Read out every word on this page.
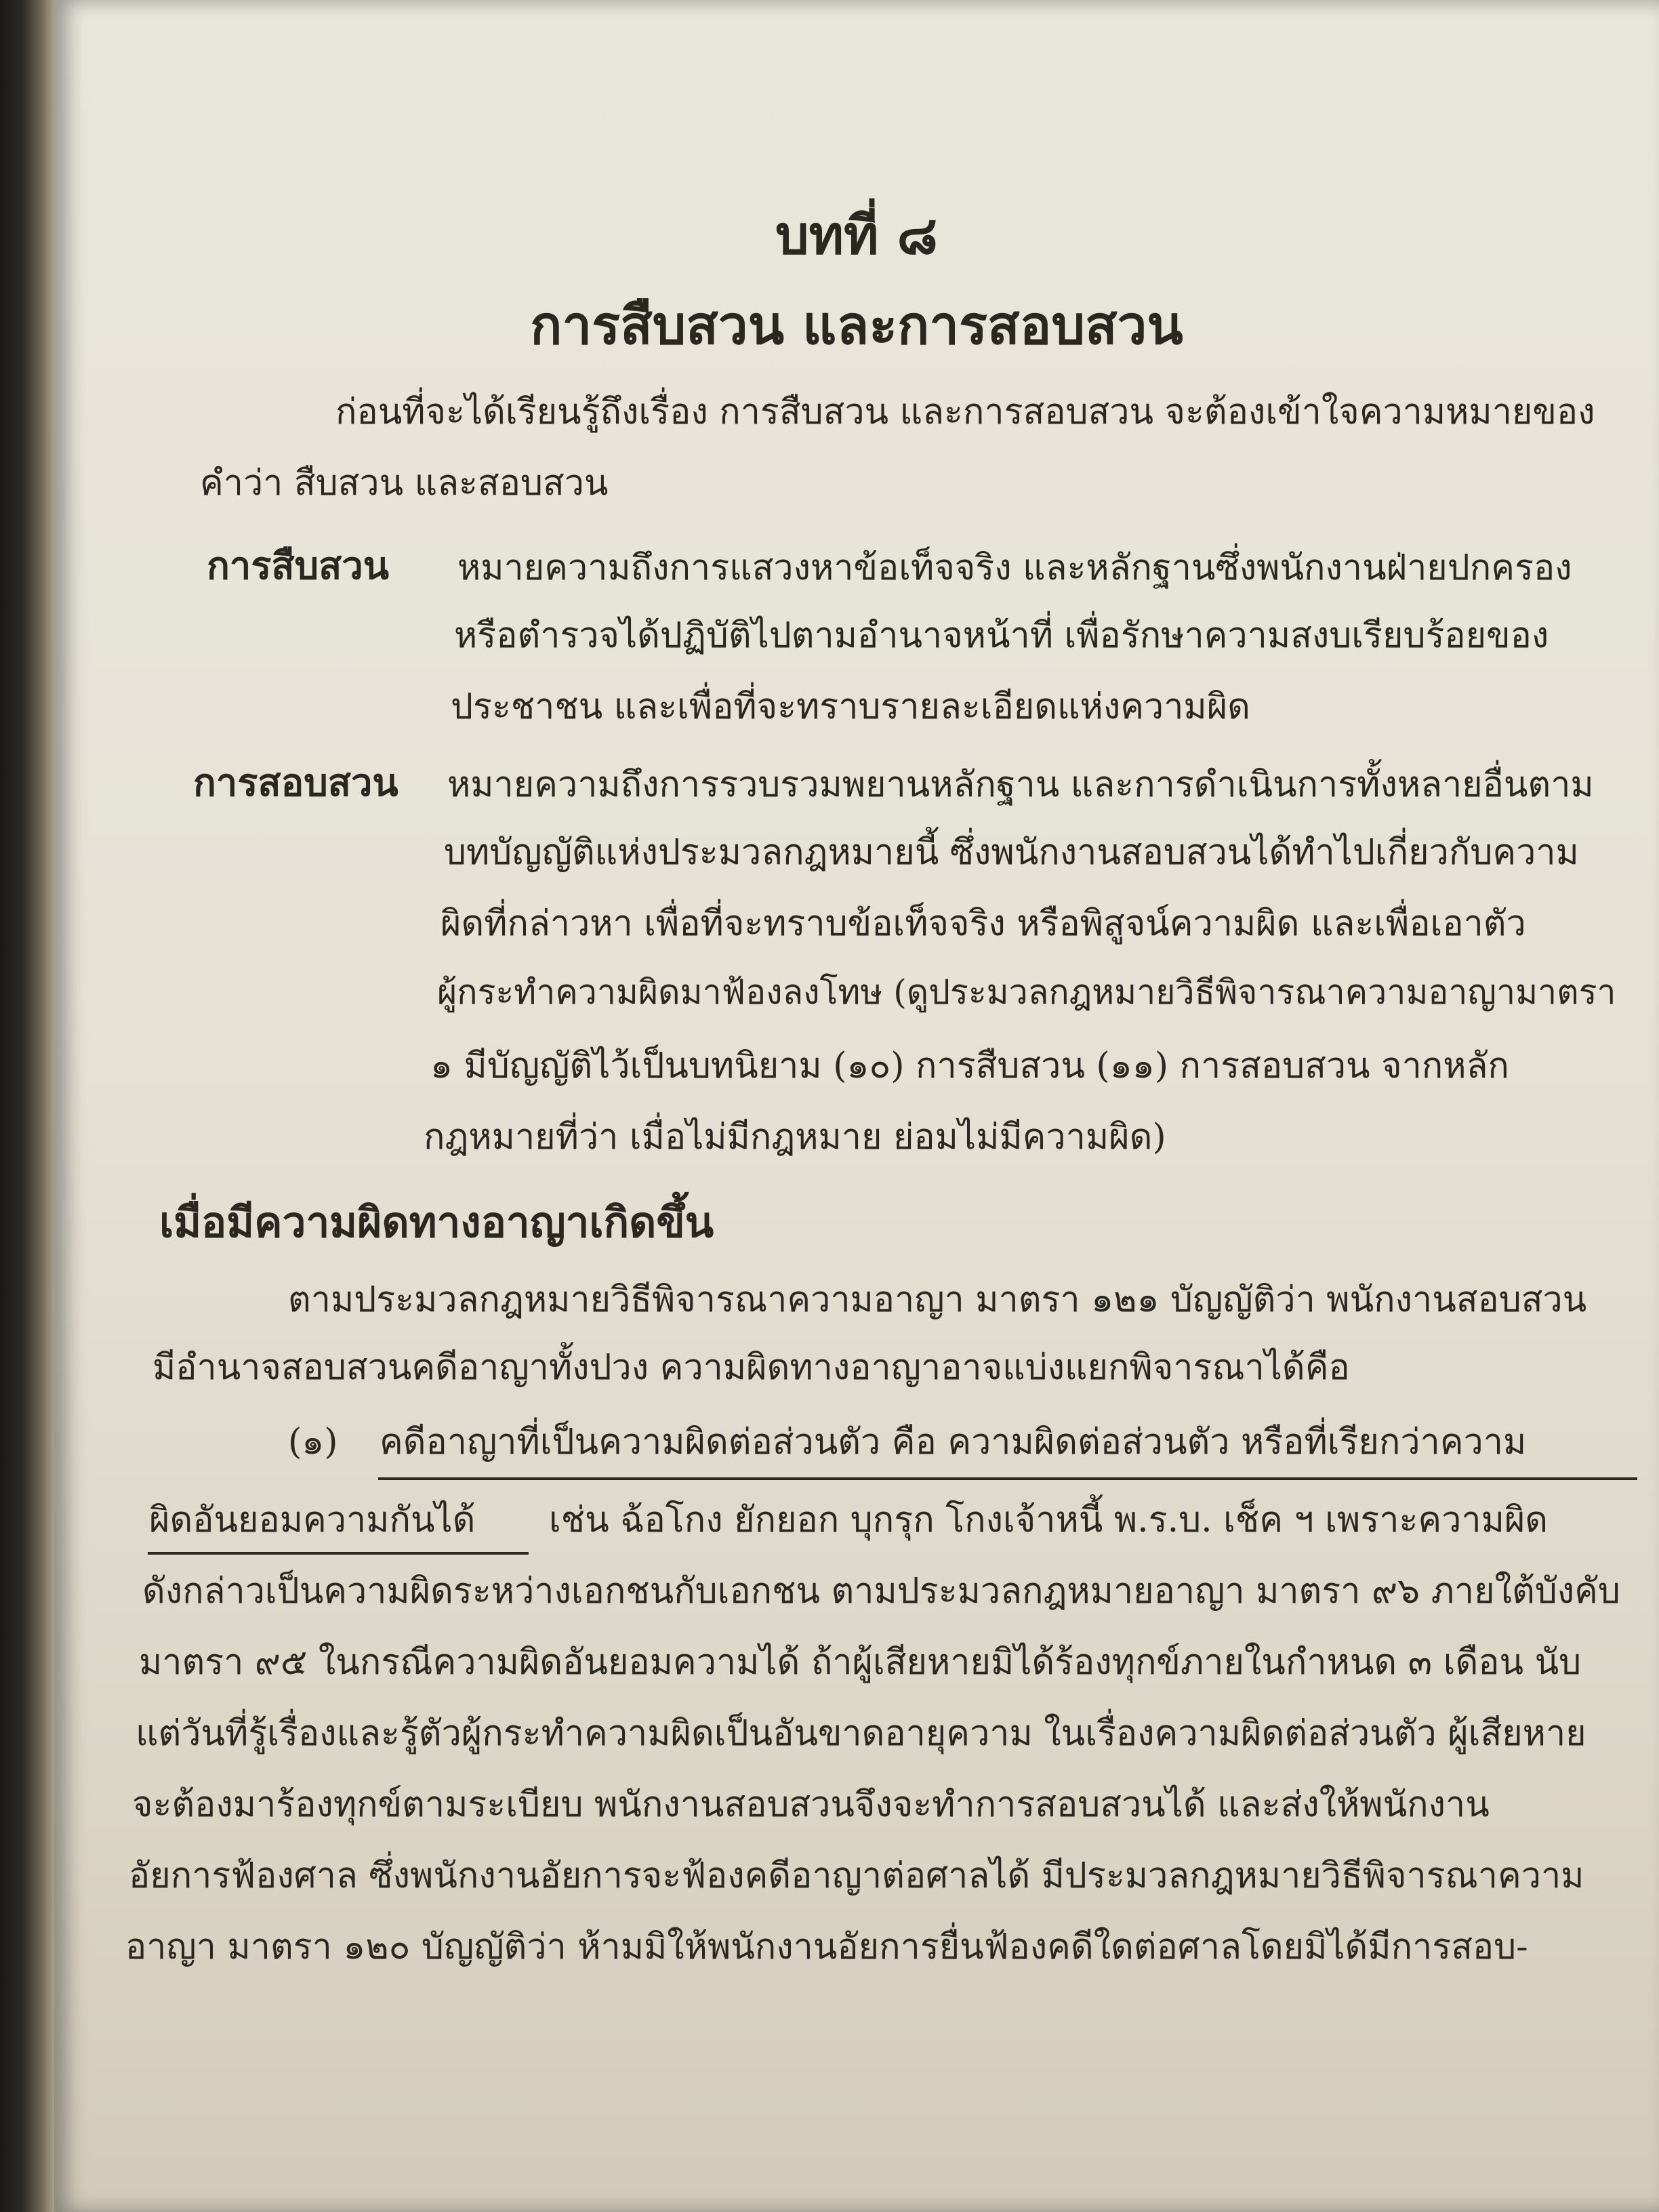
บทที่ ๘
การสืบสวน และการสอบสวน
ก่อนที่จะได้เรียนรู้ถึงเรื่อง การสืบสวน และการสอบสวน จะต้องเข้าใจความหมายของ
คำว่า สืบสวน และสอบสวน
การสืบสวน หมายความถึงการแสวงหาข้อเท็จจริง และหลักฐานซึ่งพนักงานฝ่ายปกครอง
หรือตำรวจได้ปฏิบัติไปตามอำนาจหน้าที่ เพื่อรักษาความสงบเรียบร้อยของ
ประชาชน และเพื่อที่จะทราบรายละเอียดแห่งความผิด
การสอบสวน หมายความถึงการรวบรวมพยานหลักฐาน และการดำเนินการทั้งหลายอื่นตาม
บทบัญญัติแห่งประมวลกฎหมายนี้ ซึ่งพนักงานสอบสวนได้ทำไปเกี่ยวกับความ
ผิดที่กล่าวหา เพื่อที่จะทราบข้อเท็จจริง หรือพิสูจน์ความผิด และเพื่อเอาตัว
ผู้กระทำความผิดมาฟ้องลงโทษ (ดูประมวลกฎหมายวิธีพิจารณาความอาญามาตรา
๑ มีบัญญัติไว้เป็นบทนิยาม (๑๐) การสืบสวน (๑๑) การสอบสวน จากหลัก
กฎหมายที่ว่า เมื่อไม่มีกฎหมาย ย่อมไม่มีความผิด)
เมื่อมีความผิดทางอาญาเกิดขึ้น
ตามประมวลกฎหมายวิธีพิจารณาความอาญา มาตรา ๑๒๑ บัญญัติว่า พนักงานสอบสวน
มีอำนาจสอบสวนคดีอาญาทั้งปวง ความผิดทางอาญาอาจแบ่งแยกพิจารณาได้คือ
(๑) คดีอาญาที่เป็นความผิดต่อส่วนตัว คือ ความผิดต่อส่วนตัว หรือที่เรียกว่าความ
ผิดอันยอมความกันได้ เช่น ฉ้อโกง ยักยอก บุกรุก โกงเจ้าหนี้ พ.ร.บ. เช็ค ฯ เพราะความผิด
ดังกล่าวเป็นความผิดระหว่างเอกชนกับเอกชน ตามประมวลกฎหมายอาญา มาตรา ๙๖ ภายใต้บังคับ
มาตรา ๙๕ ในกรณีความผิดอันยอมความได้ ถ้าผู้เสียหายมิได้ร้องทุกข์ภายในกำหนด ๓ เดือน นับ
แต่วันที่รู้เรื่องและรู้ตัวผู้กระทำความผิดเป็นอันขาดอายุความ ในเรื่องความผิดต่อส่วนตัว ผู้เสียหาย
จะต้องมาร้องทุกข์ตามระเบียบ พนักงานสอบสวนจึงจะทำการสอบสวนได้ และส่งให้พนักงาน
อัยการฟ้องศาล ซึ่งพนักงานอัยการจะฟ้องคดีอาญาต่อศาลได้ มีประมวลกฎหมายวิธีพิจารณาความ
อาญา มาตรา ๑๒๐ บัญญัติว่า ห้ามมิให้พนักงานอัยการยื่นฟ้องคดีใดต่อศาลโดยมิได้มีการสอบ-
